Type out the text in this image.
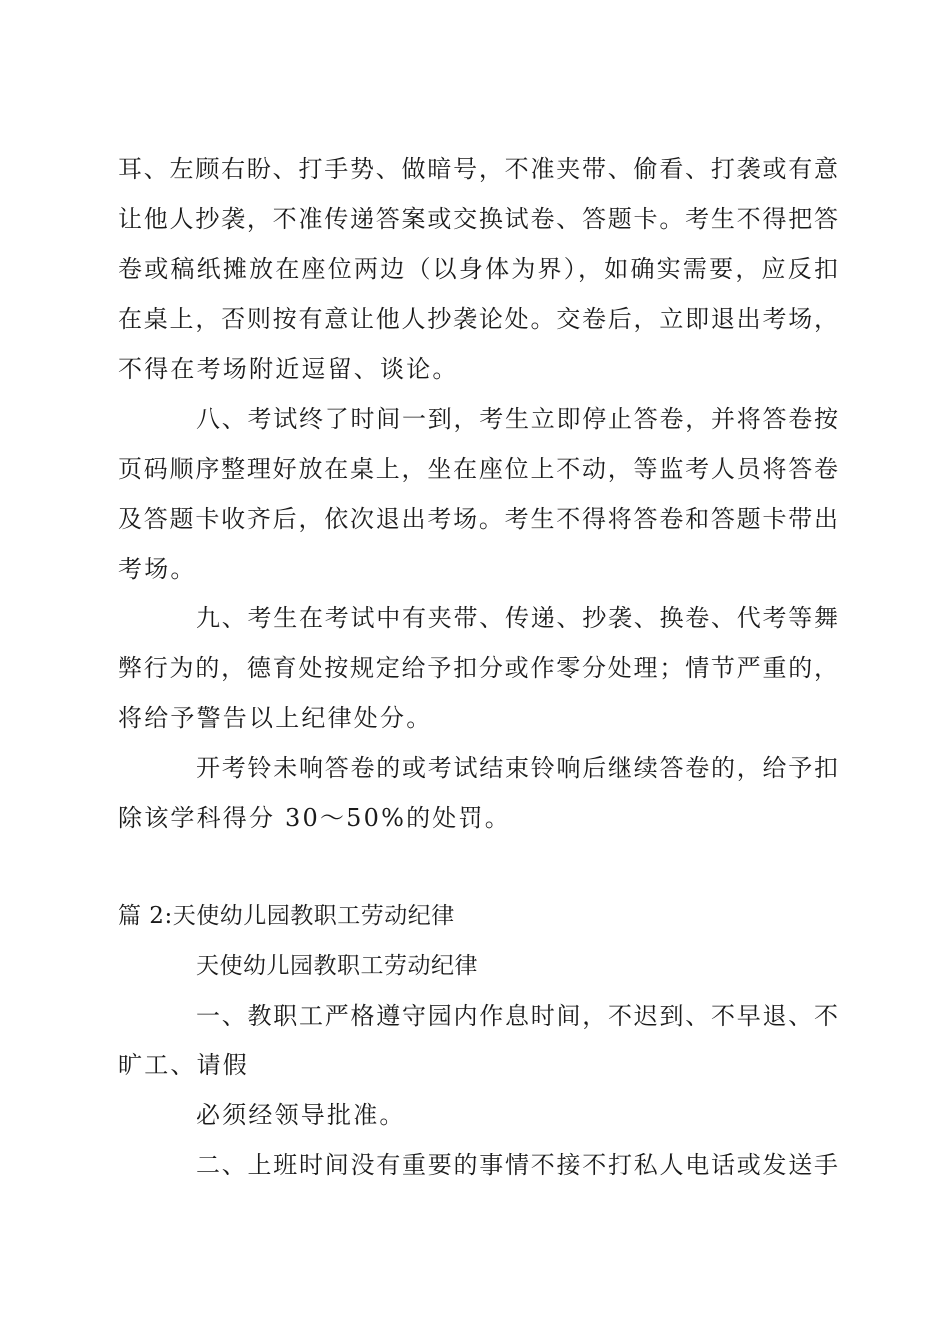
耳、左顾右盼、打手势、做暗号，不准夹带、偷看、打袭或有意
让他人抄袭，不准传递答案或交换试卷、答题卡。考生不得把答
卷或稿纸摊放在座位两边（以身体为界），如确实需要，应反扣
在桌上，否则按有意让他人抄袭论处。交卷后，立即退出考场，
不得在考场附近逗留、谈论。
八、考试终了时间一到，考生立即停止答卷，并将答卷按
页码顺序整理好放在桌上，坐在座位上不动，等监考人员将答卷
及答题卡收齐后，依次退出考场。考生不得将答卷和答题卡带出
考场。
九、考生在考试中有夹带、传递、抄袭、换卷、代考等舞
弊行为的，德育处按规定给予扣分或作零分处理；情节严重的，
将给予警告以上纪律处分。
开考铃未响答卷的或考试结束铃响后继续答卷的，给予扣
除该学科得分 30～50%的处罚。
篇 2:天使幼儿园教职工劳动纪律
天使幼儿园教职工劳动纪律
一、教职工严格遵守园内作息时间，不迟到、不早退、不
旷工、请假
必须经领导批准。
二、上班时间没有重要的事情不接不打私人电话或发送手
